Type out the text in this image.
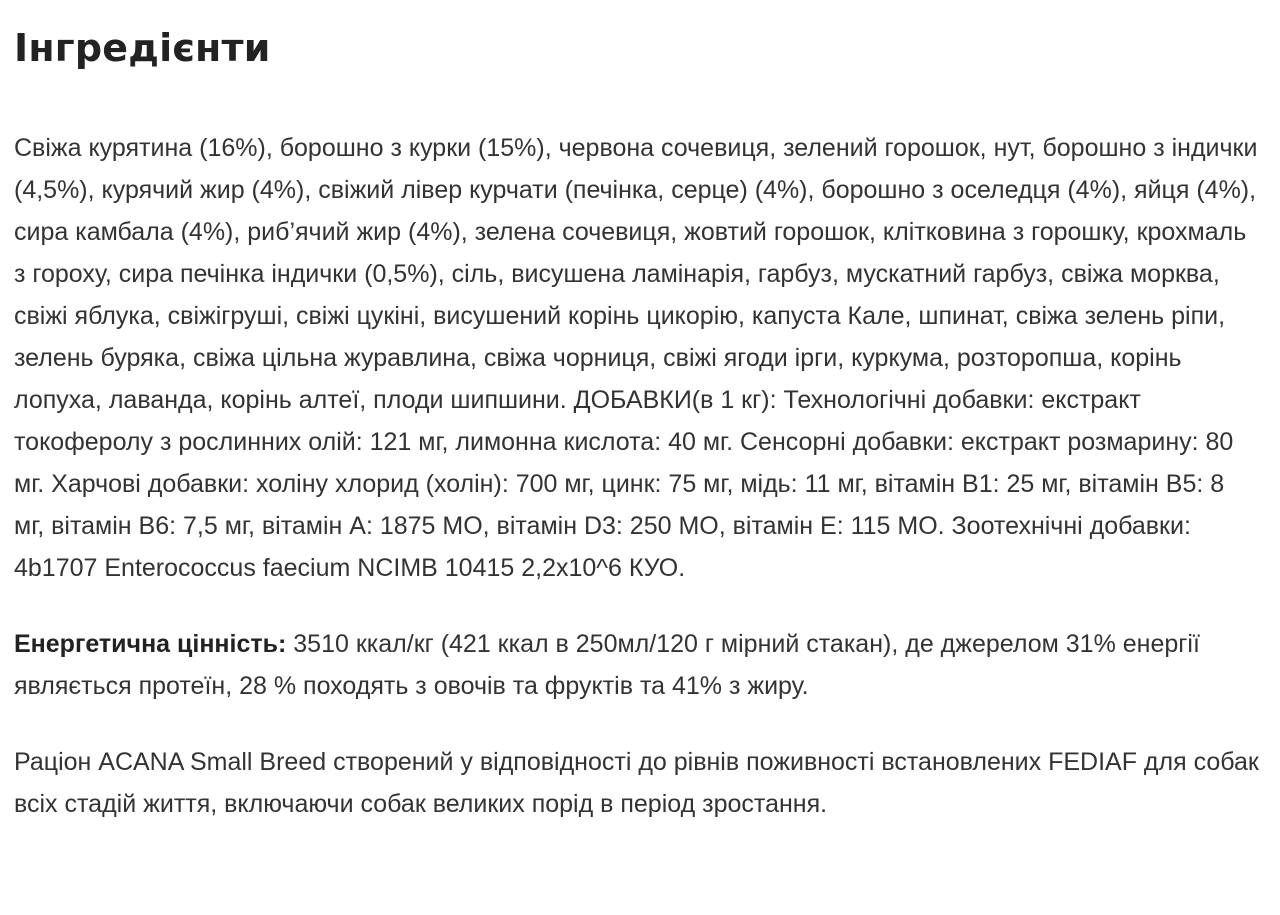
Інгредієнти

Свіжа курятина (16%), борошно з курки (15%), червона сочевиця, зелений горошок, нут, борошно з індички (4,5%), курячий жир (4%), свіжий лівер курчати (печінка, серце) (4%), борошно з оселедця (4%), яйця (4%), сира камбала (4%), риб’ячий жир (4%), зелена сочевиця, жовтий горошок, клітковина з горошку, крохмаль з гороху, сира печінка індички (0,5%), сіль, висушена ламінарія, гарбуз, мускатний гарбуз, свіжа морква, свіжі яблука, свіжігруші, свіжі цукіні, висушений корінь цикорію, капуста Кале, шпинат, свіжа зелень ріпи, зелень буряка, свіжа цільна журавлина, свіжа чорниця, свіжі ягоди ірги, куркума, розторопша, корінь лопуха, лаванда, корінь алтеї, плоди шипшини. ДОБАВКИ(в 1 кг): Технологічні добавки: екстракт токоферолу з рослинних олій: 121 мг, лимонна кислота: 40 мг. Сенсорні добавки: екстракт розмарину: 80 мг. Харчові добавки: холіну хлорид (холін): 700 мг, цинк: 75 мг, мідь: 11 мг, вітамін B1: 25 мг, вітамін B5: 8 мг, вітамін B6: 7,5 мг, вітамін A: 1875 МО, вітамін D3: 250 МО, вітамін E: 115 МО. Зоотехнічні добавки: 4b1707 Enterococcus faecium NCIMB 10415 2,2x10^6 КУО.

Енергетична цінність: 3510 ккал/кг (421 ккал в 250мл/120 г мірний стакан), де джерелом 31% енергії являється протеїн, 28 % походять з овочів та фруктів та 41% з жиру.

Раціон ACANA Small Breed створений у відповідності до рівнів поживності встановлених FEDIAF для собак всіх стадій життя, включаючи собак великих порід в період зростання.
